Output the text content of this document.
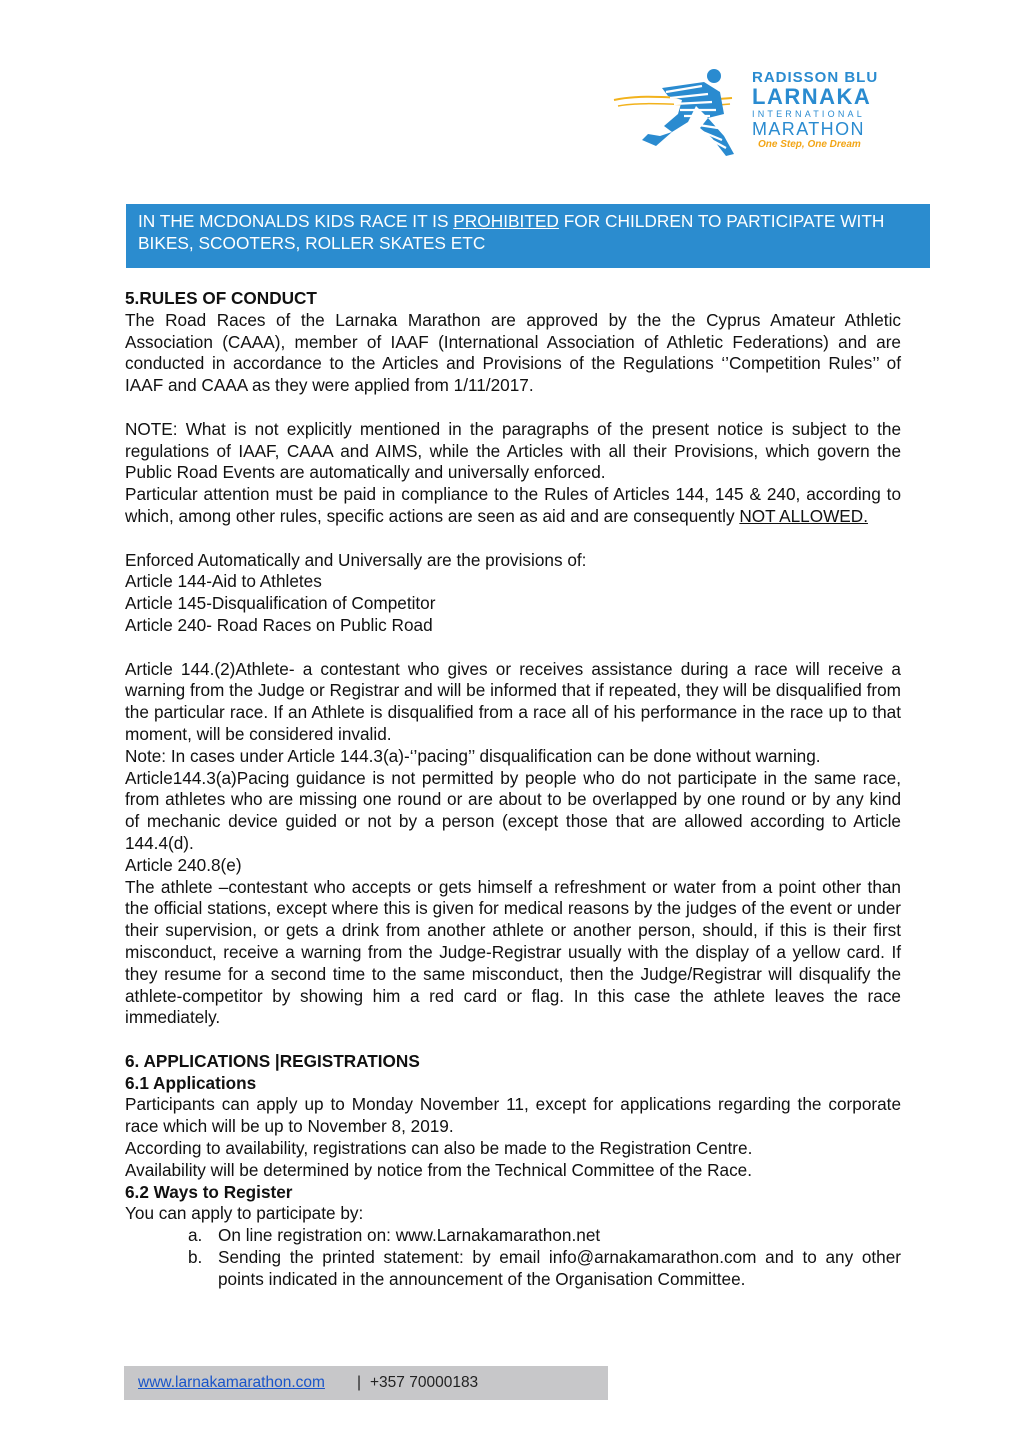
RADISSON BLU
LARNAKA
INTERNATIONAL
MARATHON
One Step, One Dream
IN THE MCDONALDS KIDS RACE IT IS PROHIBITED FOR CHILDREN TO PARTICIPATE WITH BIKES, SCOOTERS, ROLLER SKATES ETC

5.RULES OF CONDUCT

The Road Races of the Larnaka Marathon are approved by the the Cyprus Amateur Athletic Association (CAAA), member of IAAF (International Association of Athletic Federations) and are conducted in accordance to the Articles and Provisions of the Regulations ‘’Competition Rules’’ of IAAF and CAAA as they were applied from 1/11/2017.

NOTE: What is not explicitly mentioned in the paragraphs of the present notice is subject to the regulations of IAAF, CAAA and AIMS, while the Articles with all their Provisions, which govern the Public Road Events are automatically and universally enforced.

Particular attention must be paid in compliance to the Rules of Articles 144, 145 & 240, according to which, among other rules, specific actions are seen as aid and are consequently NOT ALLOWED.

Enforced Automatically and Universally are the provisions of:

Article 144-Aid to Athletes

Article 145-Disqualification of Competitor

Article 240- Road Races on Public Road

Article 144.(2)Athlete- a contestant who gives or receives assistance during a race will receive a warning from the Judge or Registrar and will be informed that if repeated, they will be disqualified from the particular race. If an Athlete is disqualified from a race all of his performance in the race up to that moment, will be considered invalid.

Note: In cases under Article 144.3(a)-‘’pacing’’ disqualification can be done without warning.

Article144.3(a)Pacing guidance is not permitted by people who do not participate in the same race, from athletes who are missing one round or are about to be overlapped by one round or by any kind of mechanic device guided or not by a person (except those that are allowed according to Article 144.4(d).

Article 240.8(e)

The athlete –contestant who accepts or gets himself a refreshment or water from a point other than the official stations, except where this is given for medical reasons by the judges of the event or under their supervision, or gets a drink from another athlete or another person, should, if this is their first misconduct, receive a warning from the Judge-Registrar usually with the display of a yellow card. If they resume for a second time to the same misconduct, then the Judge/Registrar will disqualify the athlete-competitor by showing him a red card or flag. In this case the athlete leaves the race immediately.

6. APPLICATIONS |REGISTRATIONS

6.1 Applications

Participants can apply up to Monday November 11, except for applications regarding the corporate race which will be up to November 8, 2019.

According to availability, registrations can also be made to the Registration Centre.

Availability will be determined by notice from the Technical Committee of the Race.

6.2 Ways to Register

You can apply to participate by:

a. On line registration on: www.Larnakamarathon.net
b. Sending the printed statement: by email info@arnakamarathon.com and to any other points indicated in the announcement of the Organisation Committee.
www.larnakamarathon.com | +357 70000183
